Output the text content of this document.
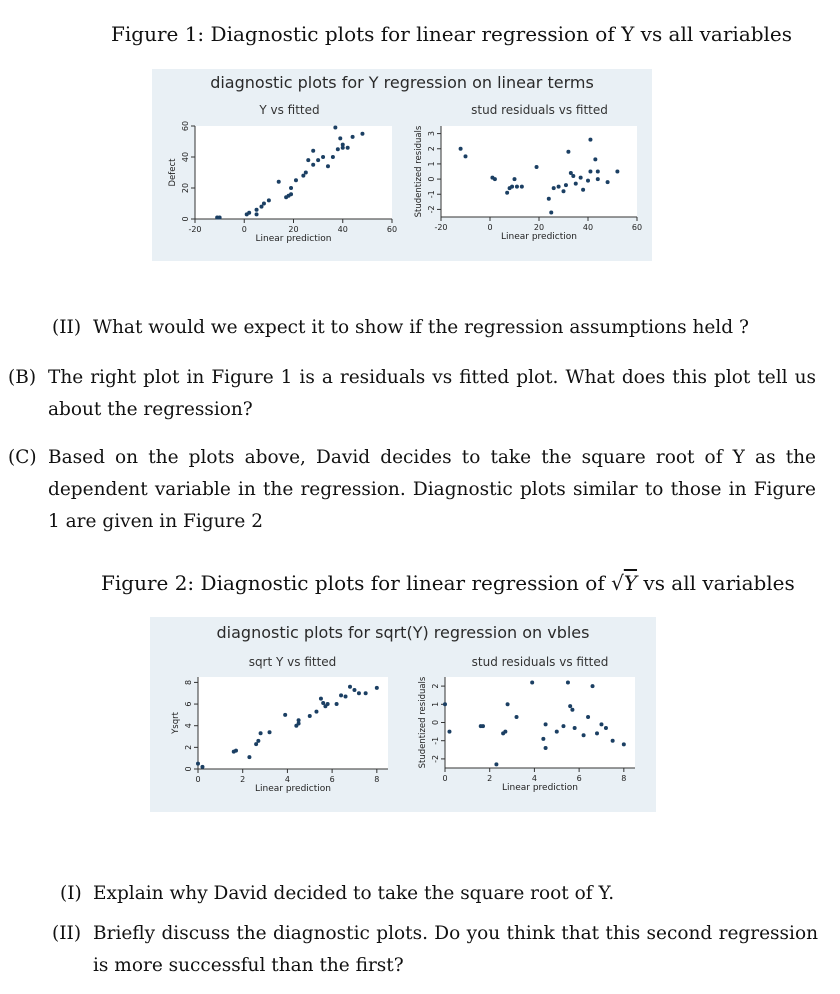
Figure 1: Diagnostic plots for linear regression of Y vs all variables
diagnostic plots for Y regression on linear terms
Y vs fitted	stud residuals vs fitted
0
20
40
60
-20	0	20	40	60
Linear prediction
Defect
-2
-1
0
1
2
3
-20	0	20	40	60
Linear prediction
Studentized residuals
(II) What would we expect it to show if the regression assumptions held ?
(B) The right plot in Figure 1 is a residuals vs fitted plot. What does this plot tell us about the regression?
(C) Based on the plots above, David decides to take the square root of Y as the dependent variable in the regression. Diagnostic plots similar to those in Figure 1 are given in Figure 2
Figure 2: Diagnostic plots for linear regression of √Y vs all variables
diagnostic plots for sqrt(Y) regression on vbles
sqrt Y vs fitted	stud residuals vs fitted
0
2
4
6
8
0	2	4	6	8
Linear prediction
Ysqrt
-2
-1
0
1
2
0	2	4	6	8
Linear prediction
Studentized residuals
(I) Explain why David decided to take the square root of Y.
(II) Briefly discuss the diagnostic plots. Do you think that this second regression is more successful than the first?
